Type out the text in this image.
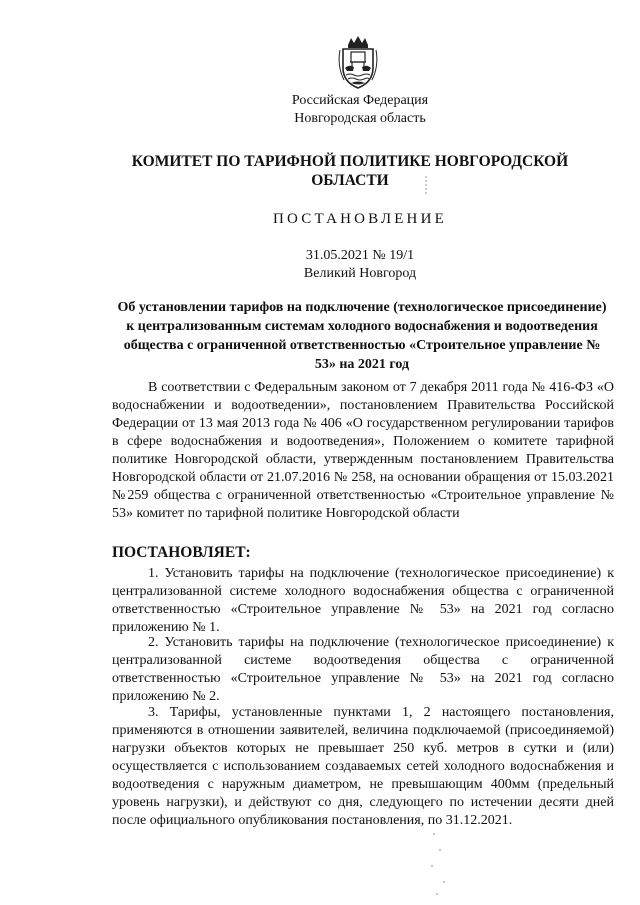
Российская Федерация
Новгородская область
КОМИТЕТ ПО ТАРИФНОЙ ПОЛИТИКЕ НОВГОРОДСКОЙ
ОБЛАСТИ
ПОСТАНОВЛЕНИЕ
31.05.2021 № 19/1
Великий Новгород
Об установлении тарифов на подключение (технологическое присоединение) к централизованным системам холодного водоснабжения и водоотведения общества с ограниченной ответственностью «Строительное управление № 53» на 2021 год

В соответствии с Федеральным законом от 7 декабря 2011 года № 416-ФЗ «О водоснабжении и водоотведении», постановлением Правительства Российской Федерации от 13 мая 2013 года № 406 «О государственном регулировании тарифов в сфере водоснабжения и водоотведения», Положением о комитете тарифной политике Новгородской области, утвержденным постановлением Правительства Новгородской области от 21.07.2016 № 258, на основании обращения от 15.03.2021 №259 общества с ограниченной ответственностью «Строительное управление № 53» комитет по тарифной политике Новгородской области

ПОСТАНОВЛЯЕТ:

1. Установить тарифы на подключение (технологическое присоединение) к централизованной системе холодного водоснабжения общества с ограниченной ответственностью «Строительное управление № 53» на 2021 год согласно приложению № 1.

2. Установить тарифы на подключение (технологическое присоединение) к централизованной системе водоотведения общества с ограниченной ответственностью «Строительное управление № 53» на 2021 год согласно приложению № 2.

3. Тарифы, установленные пунктами 1, 2 настоящего постановления, применяются в отношении заявителей, величина подключаемой (присоединяемой) нагрузки объектов которых не превышает 250 куб. метров в сутки и (или) осуществляется с использованием создаваемых сетей холодного водоснабжения и водоотведения с наружным диаметром, не превышающим 400мм (предельный уровень нагрузки), и действуют со дня, следующего по истечении десяти дней после официального опубликования постановления, по 31.12.2021.
